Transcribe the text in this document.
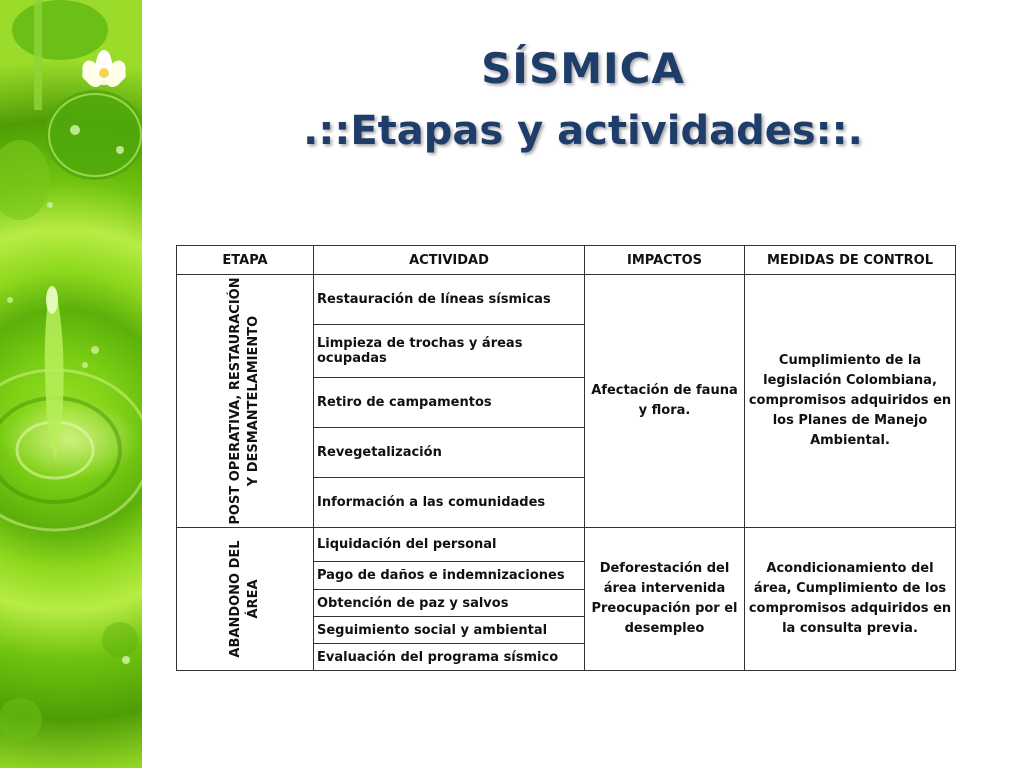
SÍSMICA
.::Etapas y actividades::.
ETAPA	ACTIVIDAD	IMPACTOS	MEDIDAS DE CONTROL

POST OPERATIVA, RESTAURACIÓN Y DESMANTELAMIENTO	Restauración de líneas sísmicas	Afectación de fauna y flora.	Cumplimiento de la legislación Colombiana, compromisos adquiridos en los Planes de Manejo Ambiental.
	Limpieza de trochas y áreas ocupadas		
	Retiro de campamentos		
	Revegetalización		
	Información a las comunidades		

ABANDONO DEL ÁREA	Liquidación del personal	Deforestación del área intervenida Preocupación por el desempleo	Acondicionamiento del área, Cumplimiento de los compromisos adquiridos en la consulta previa.
	Pago de daños e indemnizaciones		
	Obtención de paz y salvos		
	Seguimiento social y ambiental		
	Evaluación del programa sísmico		
